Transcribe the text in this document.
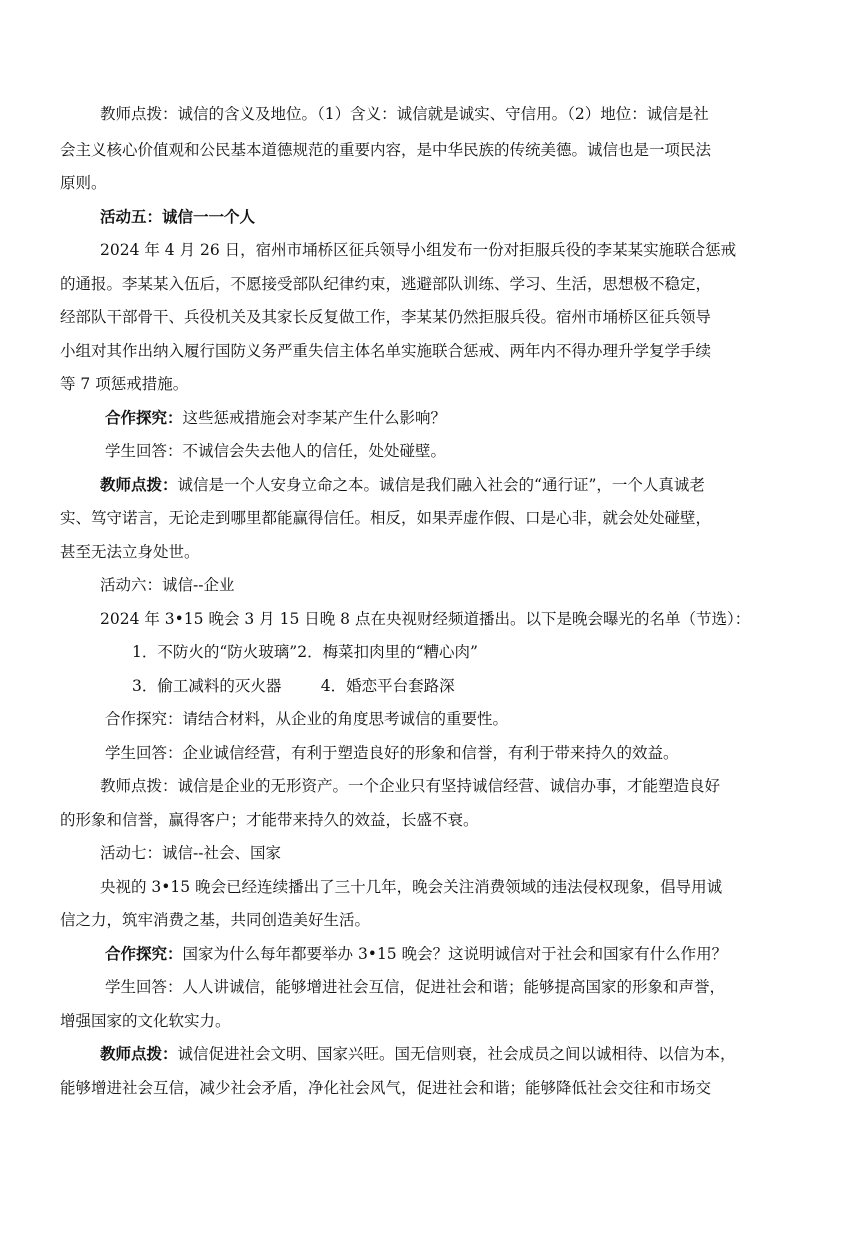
教师点拨：诚信的含义及地位。（1）含义：诚信就是诚实、守信用。（2）地位：诚信是社
会主义核心价值观和公民基本道德规范的重要内容，是中华民族的传统美德。诚信也是一项民法
原则。
活动五：诚信一一个人
2024 年 4 月 26 日，宿州市埇桥区征兵领导小组发布一份对拒服兵役的李某某实施联合惩戒
的通报。李某某入伍后，不愿接受部队纪律约束，逃避部队训练、学习、生活，思想极不稳定，
经部队干部骨干、兵役机关及其家长反复做工作，李某某仍然拒服兵役。宿州市埇桥区征兵领导
小组对其作出纳入履行国防义务严重失信主体名单实施联合惩戒、两年内不得办理升学复学手续
等 7 项惩戒措施。
合作探究：这些惩戒措施会对李某产生什么影响？
学生回答：不诚信会失去他人的信任，处处碰壁。
教师点拨：诚信是一个人安身立命之本。诚信是我们融入社会的“通行证”，一个人真诚老
实、笃守诺言，无论走到哪里都能赢得信任。相反，如果弄虚作假、口是心非，就会处处碰壁，
甚至无法立身处世。
活动六：诚信--企业
2024 年 3•15 晚会 3 月 15 日晚 8 点在央视财经频道播出。以下是晚会曝光的名单（节选）：
1．不防火的“防火玻璃”2．梅菜扣肉里的“糟心肉”
3．偷工减料的灭火器        4．婚恋平台套路深
合作探究：请结合材料，从企业的角度思考诚信的重要性。
学生回答：企业诚信经营，有利于塑造良好的形象和信誉，有利于带来持久的效益。
教师点拨：诚信是企业的无形资产。一个企业只有坚持诚信经营、诚信办事，才能塑造良好
的形象和信誉，赢得客户；才能带来持久的效益，长盛不衰。
活动七：诚信--社会、国家
央视的 3•15 晚会已经连续播出了三十几年，晚会关注消费领域的违法侵权现象，倡导用诚
信之力，筑牢消费之基，共同创造美好生活。
合作探究：国家为什么每年都要举办 3•15 晚会？这说明诚信对于社会和国家有什么作用？
学生回答：人人讲诚信，能够增进社会互信，促进社会和谐；能够提高国家的形象和声誉，
增强国家的文化软实力。
教师点拨：诚信促进社会文明、国家兴旺。国无信则衰，社会成员之间以诚相待、以信为本，
能够增进社会互信，减少社会矛盾，净化社会风气，促进社会和谐；能够降低社会交往和市场交
